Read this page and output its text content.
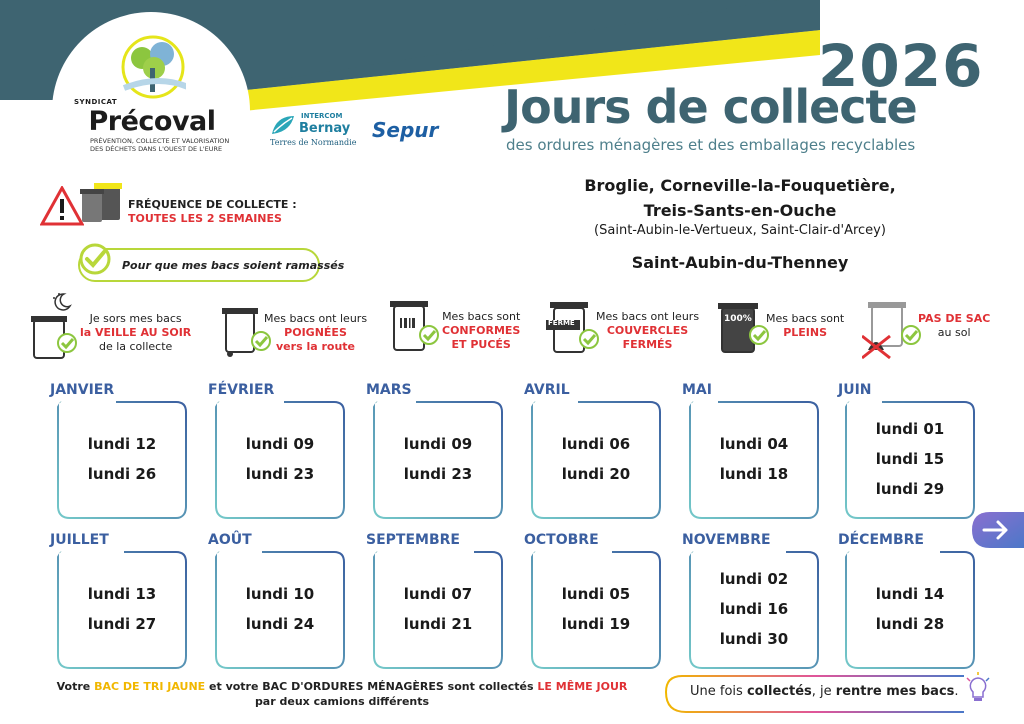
SYNDICAT
Précoval
PRÉVENTION, COLLECTE ET VALORISATION DES DÉCHETS DANS L'OUEST DE L'EURE
INTERCOM
Bernay
Terres de Normandie
Sepur
2026
Jours de collecte
des ordures ménagères et des emballages recyclables
FRÉQUENCE DE COLLECTE :
TOUTES LES 2 SEMAINES
Pour que mes bacs soient ramassés
Broglie, Corneville-la-Fouquetière,
Treis-Sants-en-Ouche
(Saint-Aubin-le-Vertueux, Saint-Clair-d'Arcey)
Saint-Aubin-du-Thenney
Je sors mes bacs
la VEILLE AU SOIR
de la collecte
Mes bacs ont leurs
POIGNÉES
vers la route
Mes bacs sont
CONFORMES
ET PUCÉS
FERMÉ Mes bacs ont leurs
COUVERCLES
FERMÉS
100% Mes bacs sont
PLEINS
PAS DE SAC
au sol
JANVIER
lundi 12
lundi 26
FÉVRIER
lundi 09
lundi 23
MARS
lundi 09
lundi 23
AVRIL
lundi 06
lundi 20
MAI
lundi 04
lundi 18
JUIN
lundi 01
lundi 15
lundi 29
JUILLET
lundi 13
lundi 27
AOÛT
lundi 10
lundi 24
SEPTEMBRE
lundi 07
lundi 21
OCTOBRE
lundi 05
lundi 19
NOVEMBRE
lundi 02
lundi 16
lundi 30
DÉCEMBRE
lundi 14
lundi 28
Votre BAC DE TRI JAUNE et votre BAC D'ORDURES MÉNAGÈRES sont collectés LE MÊME JOUR
par deux camions différents
Une fois collectés, je rentre mes bacs.
